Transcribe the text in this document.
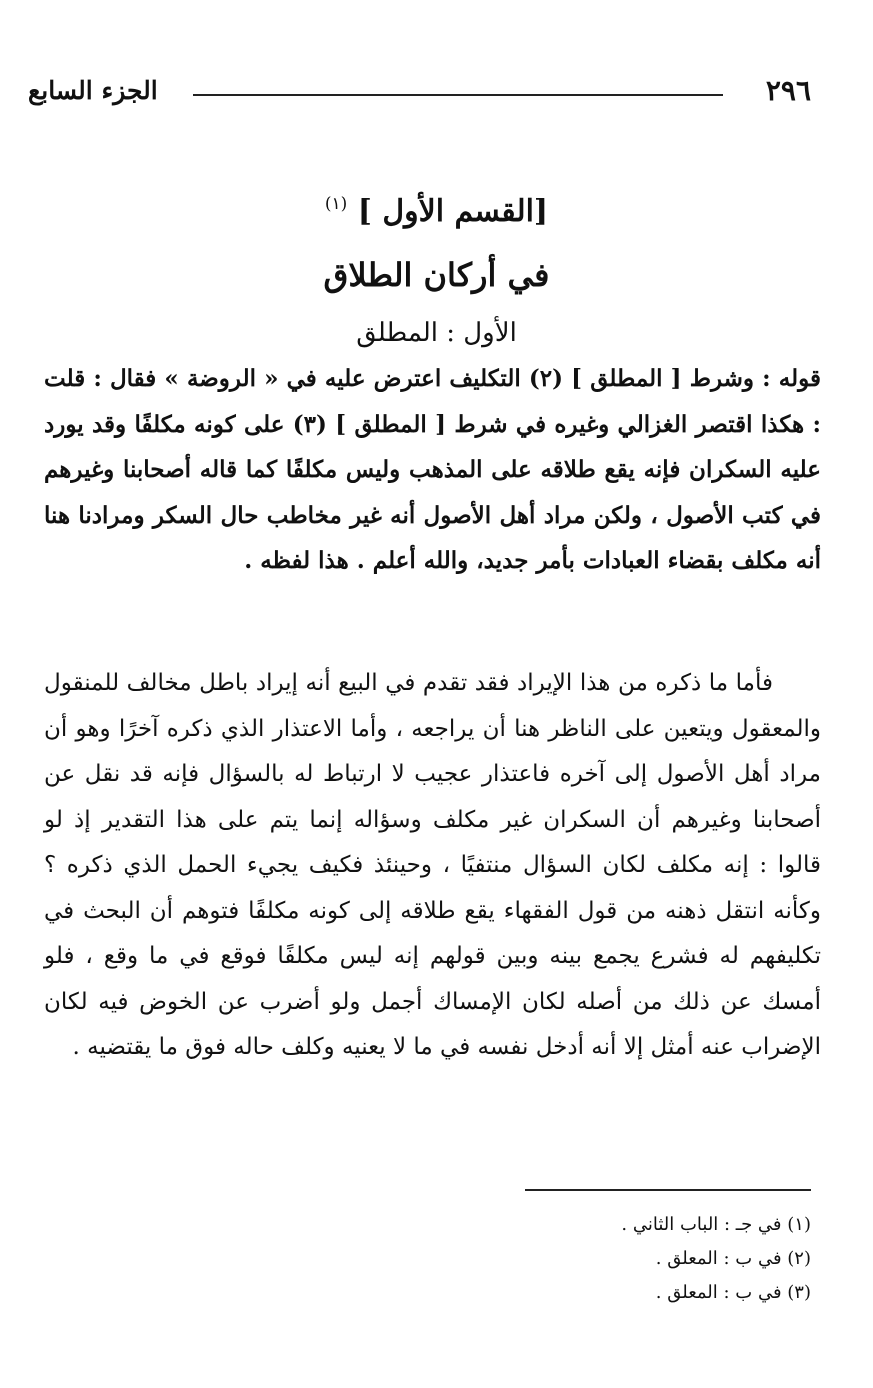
٢٩٦
الجزء السابع
[القسم الأول ] $^{(١)}$
في أركان الطلاق
الأول : المطلق

قوله : وشرط [ المطلق ] (٢) التكليف اعترض عليه في « الروضة » فقال : قلت : هكذا اقتصر الغزالي وغيره في شرط [ المطلق ] (٣) على كونه مكلفًا وقد يورد عليه السكران فإنه يقع طلاقه على المذهب وليس مكلفًا كما قاله أصحابنا وغيرهم في كتب الأصول ، ولكن مراد أهل الأصول أنه غير مخاطب حال السكر ومرادنا هنا أنه مكلف بقضاء العبادات بأمر جديد، والله أعلم . هذا لفظه .

فأما ما ذكره من هذا الإيراد فقد تقدم في البيع أنه إيراد باطل مخالف للمنقول والمعقول ويتعين على الناظر هنا أن يراجعه ، وأما الاعتذار الذي ذكره آخرًا وهو أن مراد أهل الأصول إلى آخره فاعتذار عجيب لا ارتباط له بالسؤال فإنه قد نقل عن أصحابنا وغيرهم أن السكران غير مكلف وسؤاله إنما يتم على هذا التقدير إذ لو قالوا : إنه مكلف لكان السؤال منتفيًا ، وحينئذ فكيف يجيء الحمل الذي ذكره ؟ وكأنه انتقل ذهنه من قول الفقهاء يقع طلاقه إلى كونه مكلفًا فتوهم أن البحث في تكليفهم له فشرع يجمع بينه وبين قولهم إنه ليس مكلفًا فوقع في ما وقع ، فلو أمسك عن ذلك من أصله لكان الإمساك أجمل ولو أضرب عن الخوض فيه لكان الإضراب عنه أمثل إلا أنه أدخل نفسه في ما لا يعنيه وكلف حاله فوق ما يقتضيه .

(١) في جـ : الباب الثاني .

(٢) في ب : المعلق .

(٣) في ب : المعلق .
